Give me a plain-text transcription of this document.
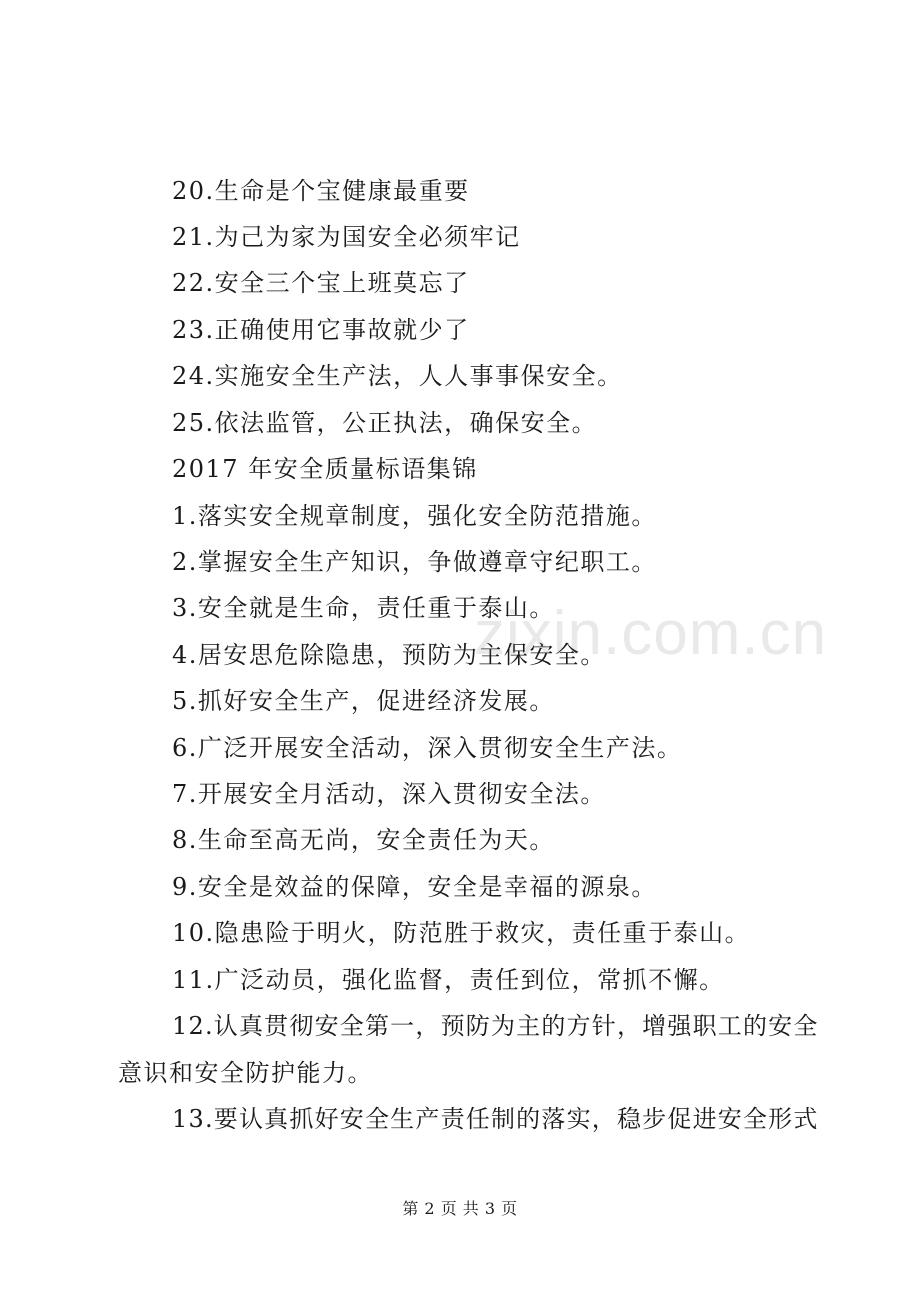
20.生命是个宝健康最重要
21.为己为家为国安全必须牢记
22.安全三个宝上班莫忘了
23.正确使用它事故就少了
24.实施安全生产法，人人事事保安全。
25.依法监管，公正执法，确保安全。
2017 年安全质量标语集锦
1.落实安全规章制度，强化安全防范措施。
2.掌握安全生产知识，争做遵章守纪职工。
3.安全就是生命，责任重于泰山。
4.居安思危除隐患，预防为主保安全。
5.抓好安全生产，促进经济发展。
6.广泛开展安全活动，深入贯彻安全生产法。
7.开展安全月活动，深入贯彻安全法。
8.生命至高无尚，安全责任为天。
9.安全是效益的保障，安全是幸福的源泉。
10.隐患险于明火，防范胜于救灾，责任重于泰山。
11.广泛动员，强化监督，责任到位，常抓不懈。
12.认真贯彻安全第一，预防为主的方针，增强职工的安全
意识和安全防护能力。
13.要认真抓好安全生产责任制的落实，稳步促进安全形式
zixin.com.cn
第 2 页 共 3 页
